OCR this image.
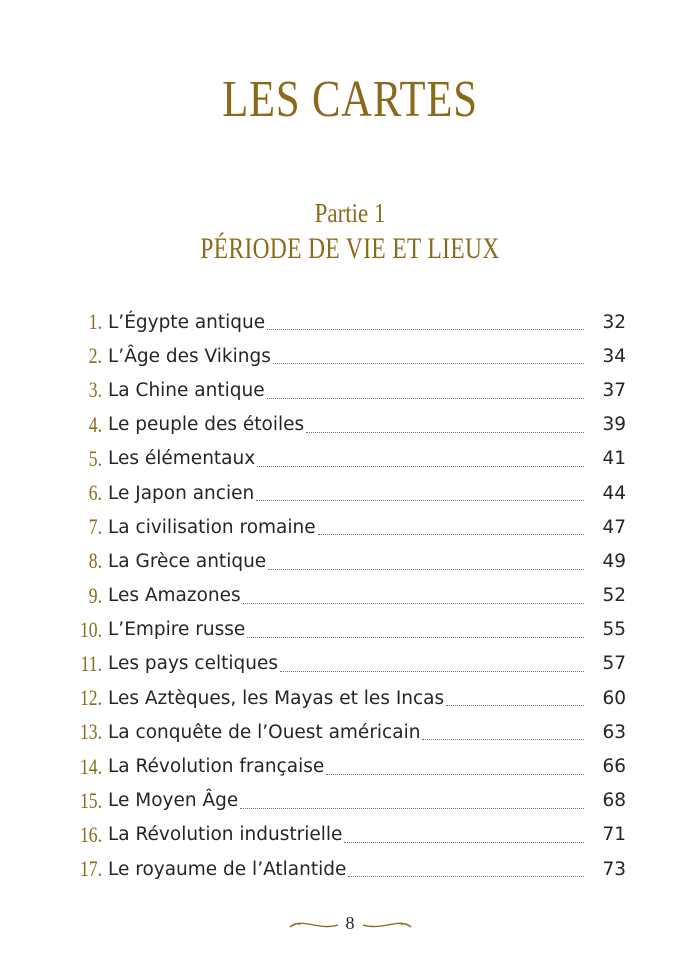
LES CARTES
Partie 1
PÉRIODE DE VIE ET LIEUX
1. L’Égypte antique	32
2. L’Âge des Vikings	34
3. La Chine antique	37
4. Le peuple des étoiles	39
5. Les élémentaux	41
6. Le Japon ancien	44
7. La civilisation romaine	47
8. La Grèce antique	49
9. Les Amazones	52
10. L’Empire russe	55
11. Les pays celtiques	57
12. Les Aztèques, les Mayas et les Incas	60
13. La conquête de l’Ouest américain	63
14. La Révolution française	66
15. Le Moyen Âge	68
16. La Révolution industrielle	71
17. Le royaume de l’Atlantide	73
8
